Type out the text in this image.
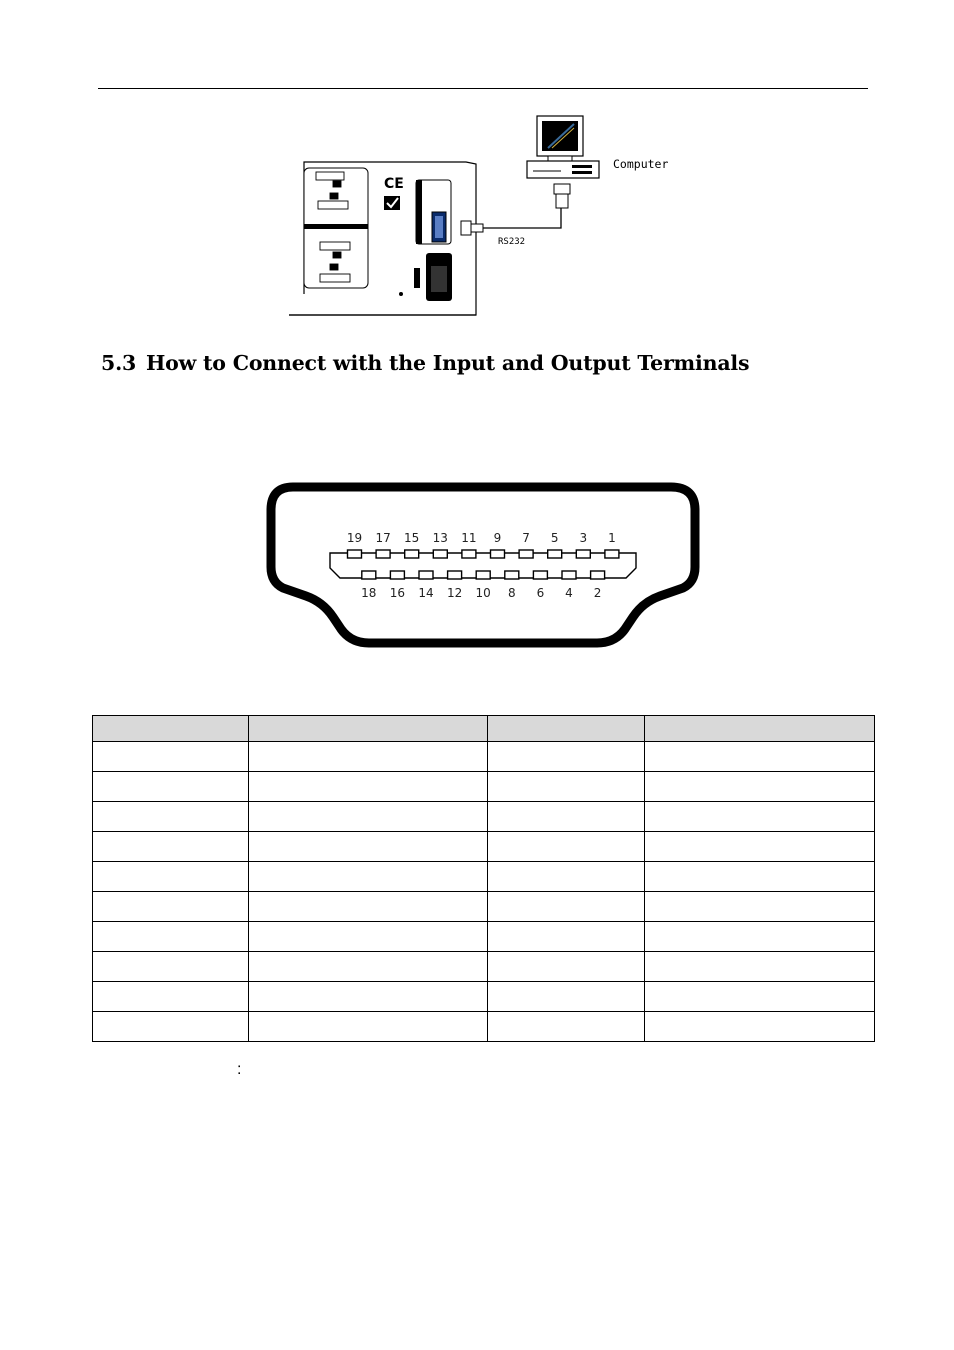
CE
RS232
Computer
5.3 How to Connect with the Input and Output Terminals
19 17 15 13 11 9 7 5 3 1
18 16 14 12 10 8 6 4 2

:
